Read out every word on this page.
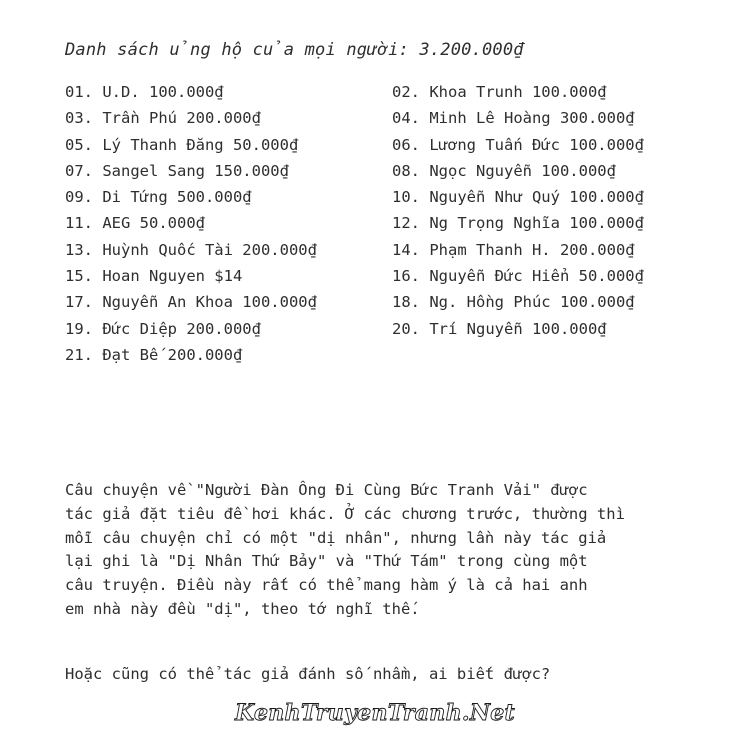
Danh sách ủng hộ của mọi người: 3.200.000₫
01. U.D. 100.000₫
03. Trần Phú 200.000₫
05. Lý Thanh Đăng 50.000₫
07. Sangel Sang 150.000₫
09. Di Tứng 500.000₫
11. AEG 50.000₫
13. Huỳnh Quốc Tài 200.000₫
15. Hoan Nguyen $14
17. Nguyễn An Khoa 100.000₫
19. Đức Diệp 200.000₫
21. Đạt Bế 200.000₫
02. Khoa Trunh 100.000₫
04. Minh Lê Hoàng 300.000₫
06. Lương Tuấn Đức 100.000₫
08. Ngọc Nguyễn 100.000₫
10. Nguyễn Như Quý 100.000₫
12. Ng Trọng Nghĩa 100.000₫
14. Phạm Thanh H. 200.000₫
16. Nguyễn Đức Hiển 50.000₫
18. Ng. Hồng Phúc 100.000₫
20. Trí Nguyễn 100.000₫

Câu chuyện về "Người Đàn Ông Đi Cùng Bức Tranh Vải" được
tác giả đặt tiêu đề hơi khác. Ở các chương trước, thường thì
mỗi câu chuyện chỉ có một "dị nhân", nhưng lần này tác giả
lại ghi là "Dị Nhân Thứ Bảy" và "Thứ Tám" trong cùng một
câu truyện. Điều này rất có thể mang hàm ý là cả hai anh
em nhà này đều "dị", theo tớ nghĩ thế.

Hoặc cũng có thể tác giả đánh số nhầm, ai biết được?

KenhTruyenTranh.Net
